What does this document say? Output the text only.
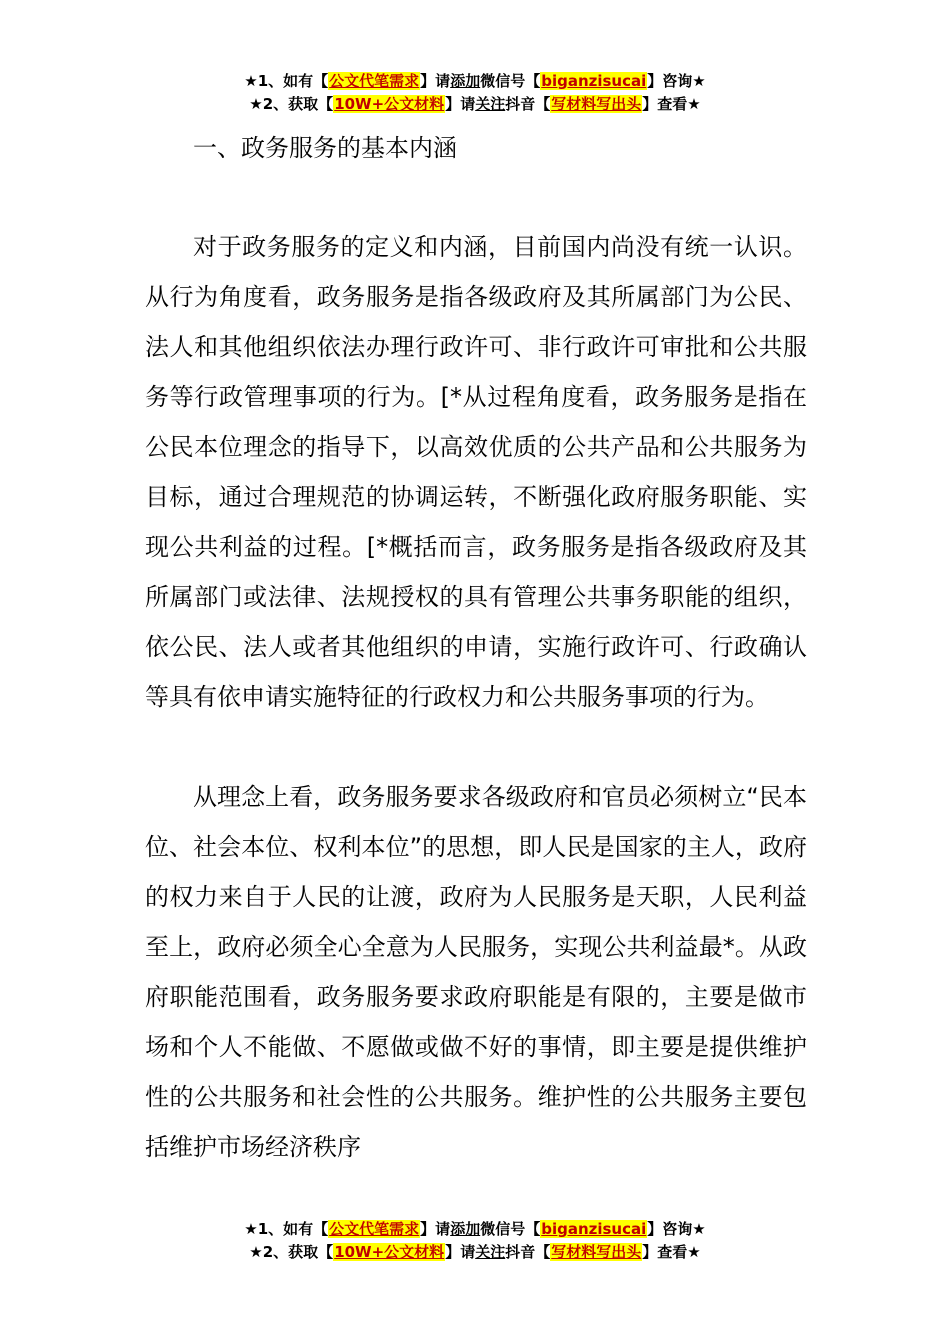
★1、如有【公文代笔需求】请添加微信号【biganzisucai】咨询★
★2、获取【10W+公文材料】请关注抖音【写材料写出头】查看★
一、政务服务的基本内涵

对于政务服务的定义和内涵，目前国内尚没有统一认识。从行为角度看，政务服务是指各级政府及其所属部门为公民、法人和其他组织依法办理行政许可、非行政许可审批和公共服务等行政管理事项的行为。[*从过程角度看，政务服务是指在公民本位理念的指导下，以高效优质的公共产品和公共服务为目标，通过合理规范的协调运转，不断强化政府服务职能、实现公共利益的过程。[*概括而言，政务服务是指各级政府及其所属部门或法律、法规授权的具有管理公共事务职能的组织，依公民、法人或者其他组织的申请，实施行政许可、行政确认等具有依申请实施特征的行政权力和公共服务事项的行为。

从理念上看，政务服务要求各级政府和官员必须树立“民本位、社会本位、权利本位”的思想，即人民是国家的主人，政府的权力来自于人民的让渡，政府为人民服务是天职，人民利益至上，政府必须全心全意为人民服务，实现公共利益最*。从政府职能范围看，政务服务要求政府职能是有限的，主要是做市场和个人不能做、不愿做或做不好的事情，即主要是提供维护性的公共服务和社会性的公共服务。维护性的公共服务主要包括维护市场经济秩序

★1、如有【公文代笔需求】请添加微信号【biganzisucai】咨询★
★2、获取【10W+公文材料】请关注抖音【写材料写出头】查看★
